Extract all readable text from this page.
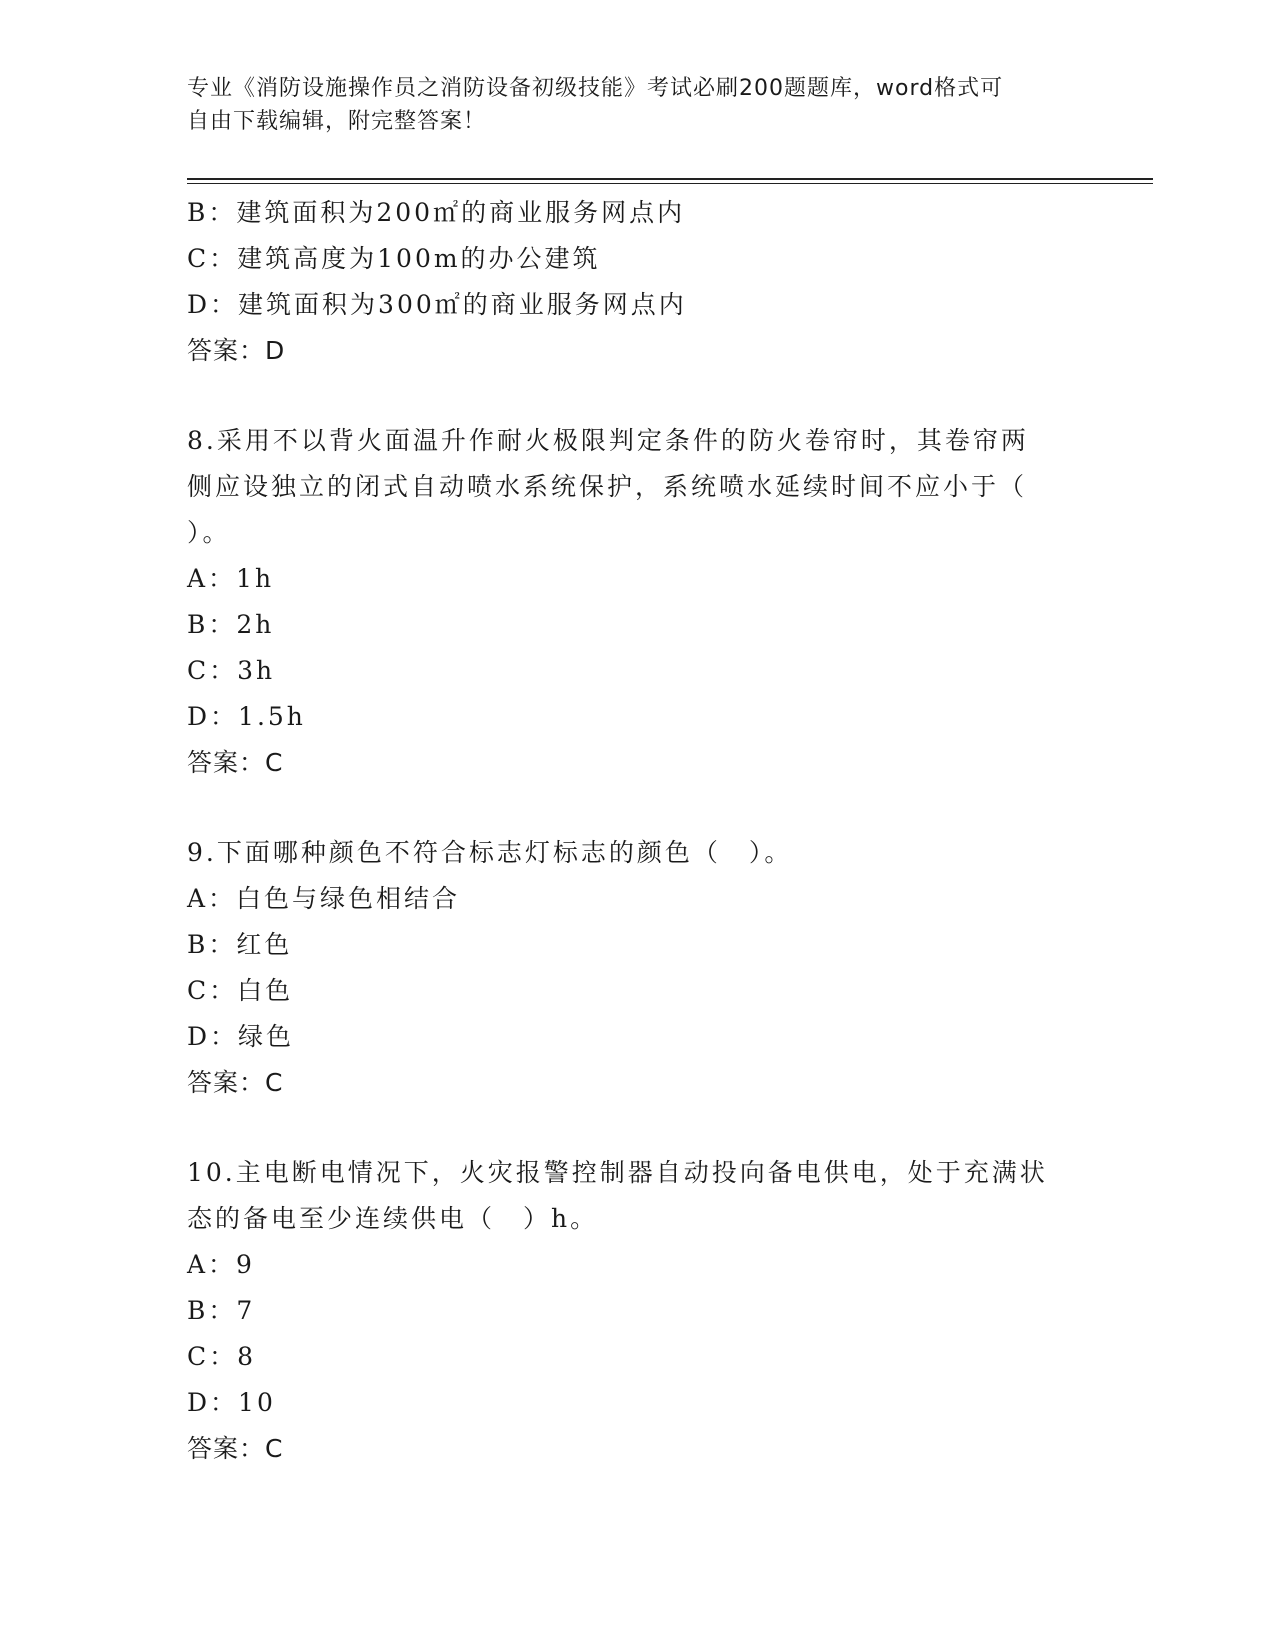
专业《消防设施操作员之消防设备初级技能》考试必刷200题题库，word格式可
自由下载编辑，附完整答案！
B：建筑面积为200㎡的商业服务网点内
C：建筑高度为100m的办公建筑
D：建筑面积为300㎡的商业服务网点内
答案：D
8.采用不以背火面温升作耐火极限判定条件的防火卷帘时，其卷帘两
侧应设独立的闭式自动喷水系统保护，系统喷水延续时间不应小于（
）。
A：1h
B：2h
C：3h
D：1.5h
答案：C
9.下面哪种颜色不符合标志灯标志的颜色（　）。
A：白色与绿色相结合
B：红色
C：白色
D：绿色
答案：C
10.主电断电情况下，火灾报警控制器自动投向备电供电，处于充满状
态的备电至少连续供电（　）h。
A：9
B：7
C：8
D：10
答案：C
